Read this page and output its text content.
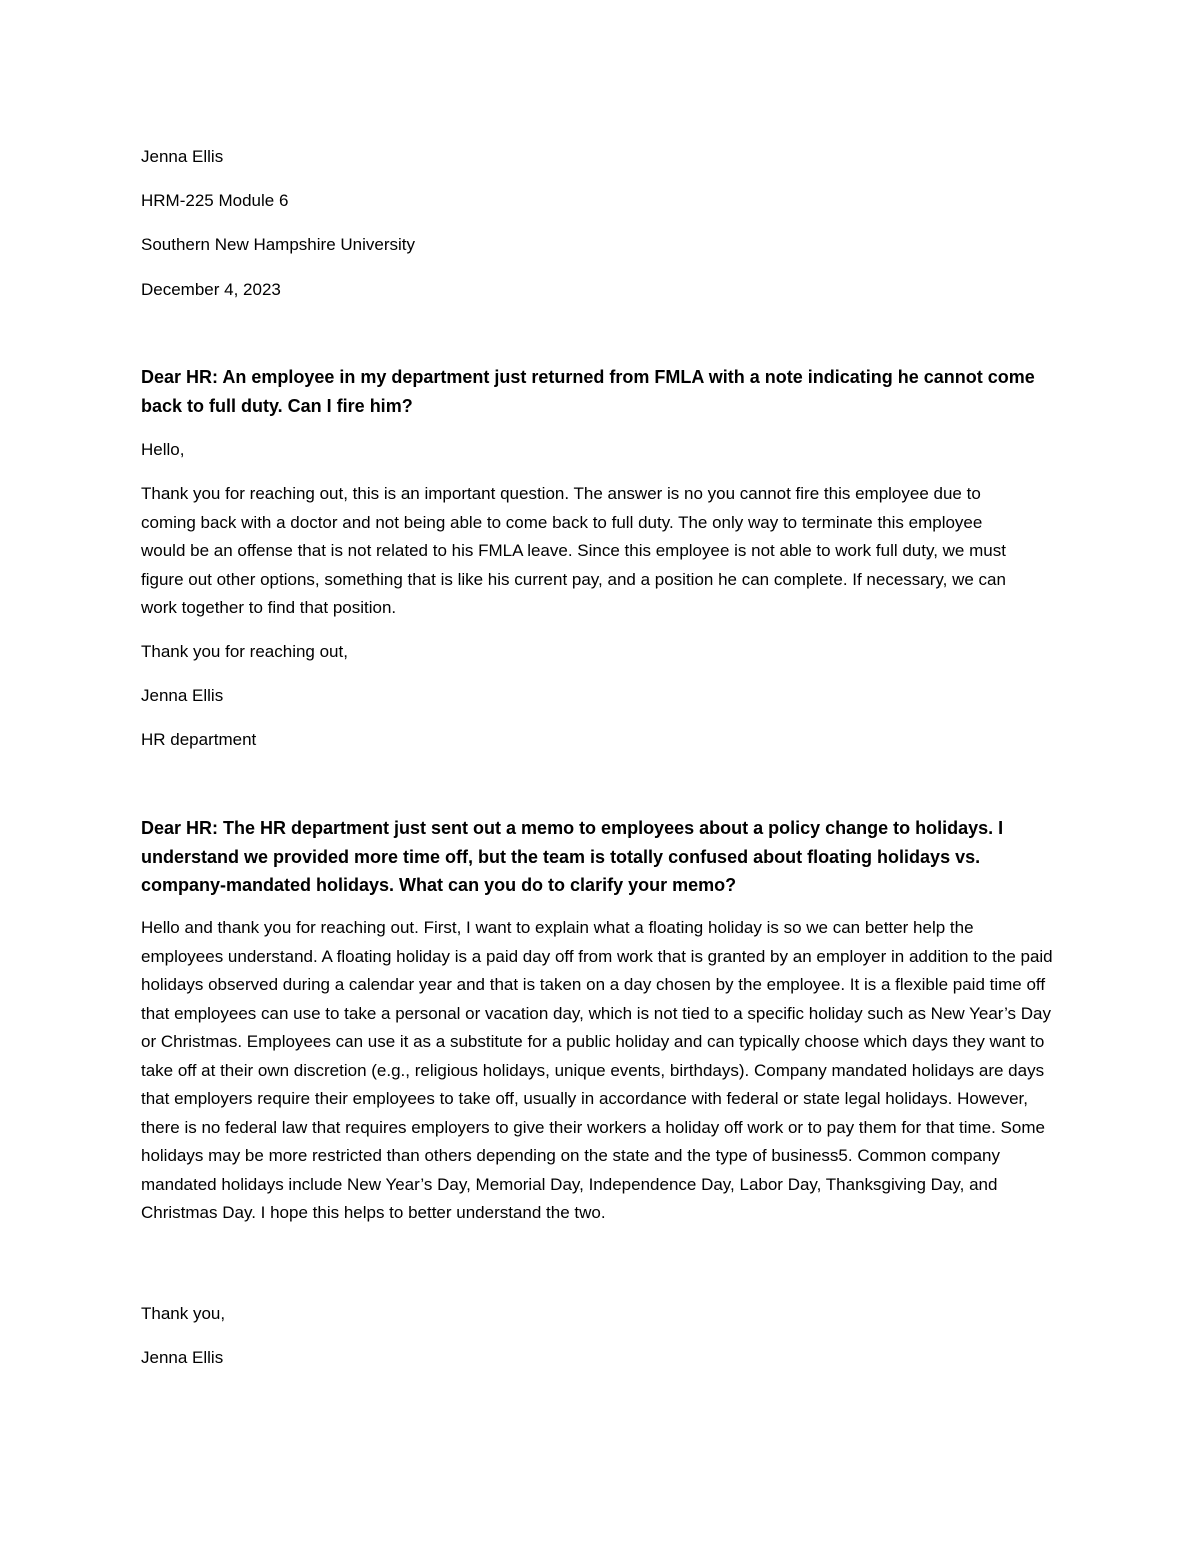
Jenna Ellis

HRM-225 Module 6

Southern New Hampshire University

December 4, 2023

Dear HR: An employee in my department just returned from FMLA with a note indicating he cannot come back to full duty. Can I fire him?

Hello,

Thank you for reaching out, this is an important question. The answer is no you cannot fire this employee due to coming back with a doctor and not being able to come back to full duty. The only way to terminate this employee would be an offense that is not related to his FMLA leave. Since this employee is not able to work full duty, we must figure out other options, something that is like his current pay, and a position he can complete. If necessary, we can work together to find that position.

Thank you for reaching out,

Jenna Ellis

HR department

Dear HR: The HR department just sent out a memo to employees about a policy change to holidays. I understand we provided more time off, but the team is totally confused about floating holidays vs. company-mandated holidays. What can you do to clarify your memo?

Hello and thank you for reaching out. First, I want to explain what a floating holiday is so we can better help the employees understand. A floating holiday is a paid day off from work that is granted by an employer in addition to the paid holidays observed during a calendar year and that is taken on a day chosen by the employee. It is a flexible paid time off that employees can use to take a personal or vacation day, which is not tied to a specific holiday such as New Year’s Day or Christmas. Employees can use it as a substitute for a public holiday and can typically choose which days they want to take off at their own discretion (e.g., religious holidays, unique events, birthdays). Company mandated holidays are days that employers require their employees to take off, usually in accordance with federal or state legal holidays. However, there is no federal law that requires employers to give their workers a holiday off work or to pay them for that time. Some holidays may be more restricted than others depending on the state and the type of business5. Common company mandated holidays include New Year’s Day, Memorial Day, Independence Day, Labor Day, Thanksgiving Day, and Christmas Day. I hope this helps to better understand the two.

Thank you,

Jenna Ellis
